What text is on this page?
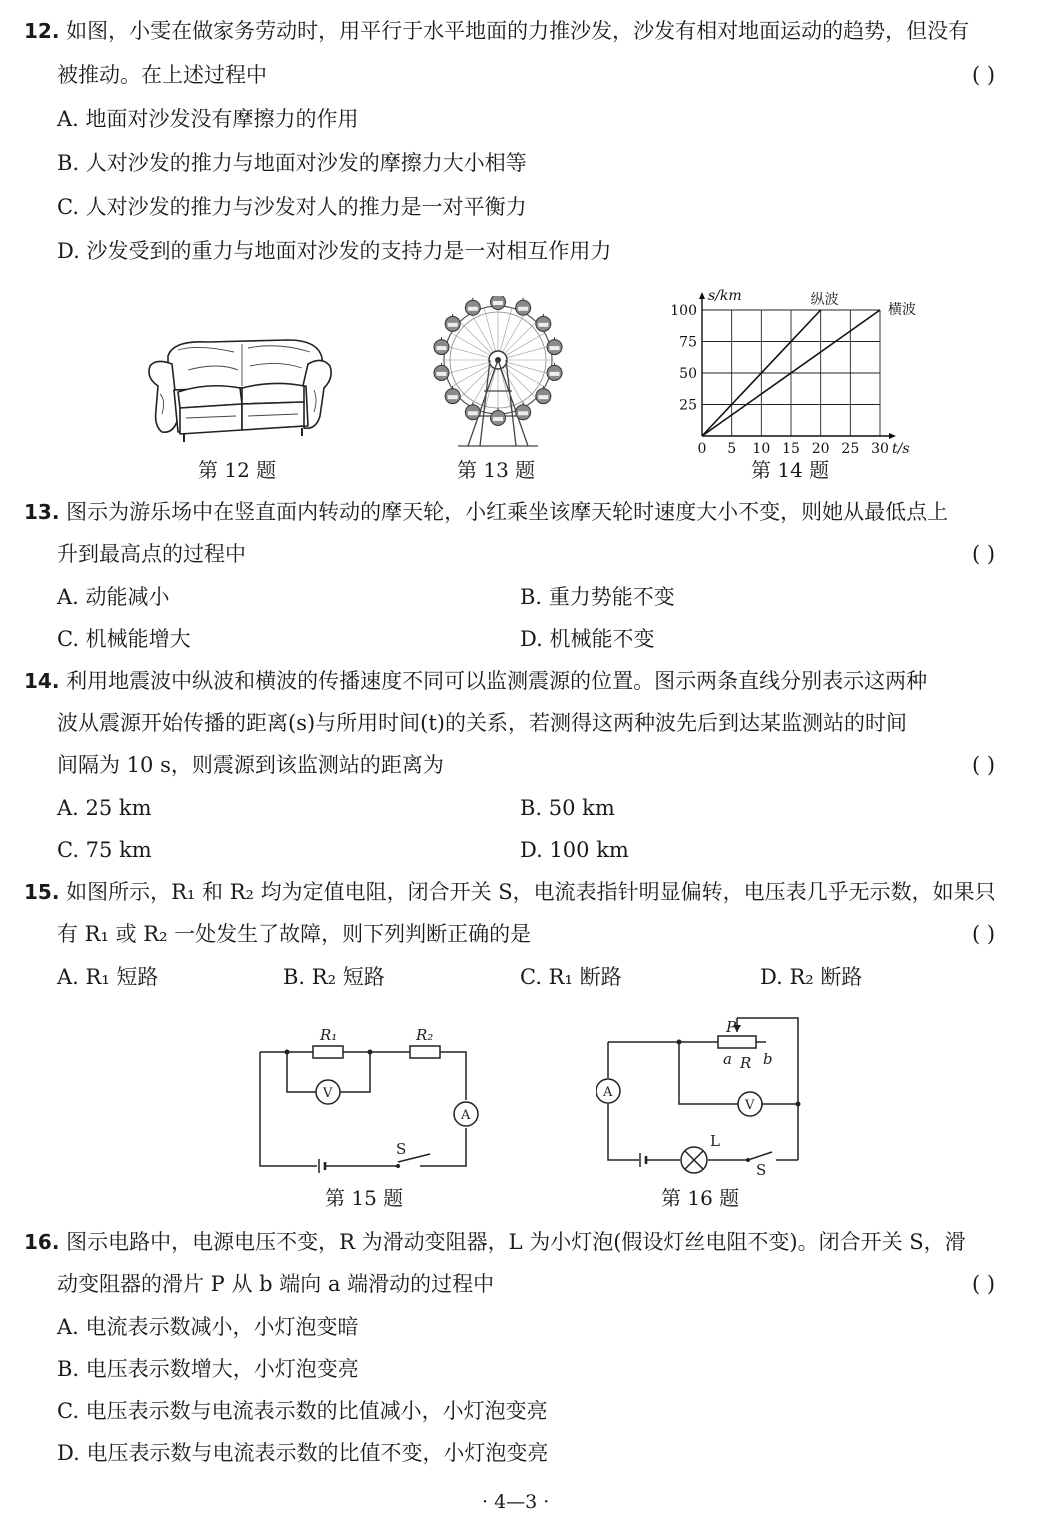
12. 如图，小雯在做家务劳动时，用平行于水平地面的力推沙发，沙发有相对地面运动的趋势，但没有
被推动。在上述过程中	( )
A. 地面对沙发没有摩擦力的作用
B. 人对沙发的推力与地面对沙发的摩擦力大小相等
C. 人对沙发的推力与沙发对人的推力是一对平衡力
D. 沙发受到的重力与地面对沙发的支持力是一对相互作用力
0 5 10 15 20 25 30
25
50
75
100
s/km
t/s
纵波
横波
第 12 题	第 13 题	第 14 题
13. 图示为游乐场中在竖直面内转动的摩天轮，小红乘坐该摩天轮时速度大小不变，则她从最低点上
升到最高点的过程中	( )
A. 动能减小	B. 重力势能不变
C. 机械能增大	D. 机械能不变
14. 利用地震波中纵波和横波的传播速度不同可以监测震源的位置。图示两条直线分别表示这两种
波从震源开始传播的距离(s)与所用时间(t)的关系，若测得这两种波先后到达某监测站的时间
间隔为 10 s，则震源到该监测站的距离为	( )
A. 25 km	B. 50 km
C. 75 km	D. 100 km
15. 如图所示，R₁ 和 R₂ 均为定值电阻，闭合开关 S，电流表指针明显偏转，电压表几乎无示数，如果只
有 R₁ 或 R₂ 一处发生了故障，则下列判断正确的是	( )
A. R₁ 短路	B. R₂ 短路	C. R₁ 断路	D. R₂ 断路
R₁	R₂
V
A
S
P
a R b
A
V
L
S
第 15 题	第 16 题
16. 图示电路中，电源电压不变，R 为滑动变阻器，L 为小灯泡(假设灯丝电阻不变)。闭合开关 S，滑
动变阻器的滑片 P 从 b 端向 a 端滑动的过程中	( )
A. 电流表示数减小，小灯泡变暗
B. 电压表示数增大，小灯泡变亮
C. 电压表示数与电流表示数的比值减小，小灯泡变亮
D. 电压表示数与电流表示数的比值不变，小灯泡变亮
· 4—3 ·
